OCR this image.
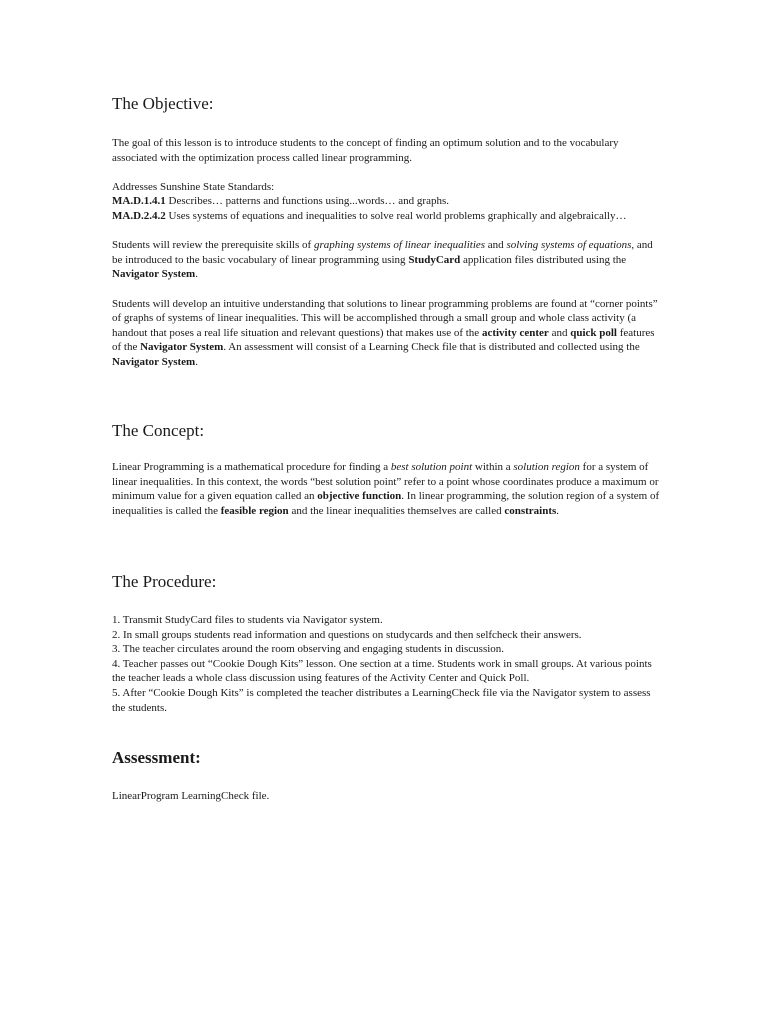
The Objective:

The goal of this lesson is to introduce students to the concept of finding an optimum solution and to the vocabulary associated with the optimization process called linear programming.

Addresses Sunshine State Standards:

MA.D.1.4.1 Describes… patterns and functions using...words… and graphs.

MA.D.2.4.2 Uses systems of equations and inequalities to solve real world problems graphically and algebraically…

Students will review the prerequisite skills of graphing systems of linear inequalities and solving systems of equations, and be introduced to the basic vocabulary of linear programming using StudyCard application files distributed using the Navigator System.

Students will develop an intuitive understanding that solutions to linear programming problems are found at “corner points” of graphs of systems of linear inequalities. This will be accomplished through a small group and whole class activity (a handout that poses a real life situation and relevant questions) that makes use of the activity center and quick poll features of the Navigator System. An assessment will consist of a Learning Check file that is distributed and collected using the Navigator System.

The Concept:

Linear Programming is a mathematical procedure for finding a best solution point within a solution region for a system of linear inequalities. In this context, the words “best solution point” refer to a point whose coordinates produce a maximum or minimum value for a given equation called an objective function. In linear programming, the solution region of a system of inequalities is called the feasible region and the linear inequalities themselves are called constraints.

The Procedure:
1. Transmit StudyCard files to students via Navigator system.
2. In small groups students read information and questions on studycards and then selfcheck their answers.
3. The teacher circulates around the room observing and engaging students in discussion.
4. Teacher passes out “Cookie Dough Kits” lesson. One section at a time. Students work in small groups. At various points the teacher leads a whole class discussion using features of the Activity Center and Quick Poll.
5. After “Cookie Dough Kits” is completed the teacher distributes a LearningCheck file via the Navigator system to assess the students.
Assessment:

LinearProgram LearningCheck file.
